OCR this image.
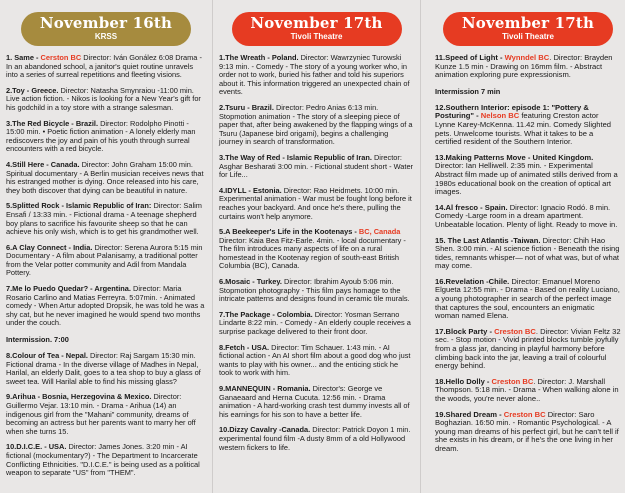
November 16th
KRSS

1. Same - Cerston BC Director: Iván Gonález 6:08 Drama - In an abandoned school, a janitor's quiet routine unravels into a series of surreal repetitions and fleeting visions.

2.Toy - Greece. Director: Natasha Smynraiou -11:00 min. Live action fiction. - Nikos is looking for a New Year's gift for his godchild in a toy store with a strange salesman.

3.The Red Bicycle - Brazil. Director: Rodolpho Pinotti - 15:00 min. • Poetic fiction animation - A lonely elderly man rediscovers the joy and pain of his youth through surreal encounters with a red bicycle.

4.Still Here - Canada. Director: John Graham 15:00 min. Spiritual documentary - A Berlin musician receives news that his estranged mother is dying. Once released into his care, they both discover that dying can be beautiful in nature.

5.Splitted Rock - Islamic Republic of Iran: Director: Salim Ensafi / 13:33 min. - Fictional drama - A teenage shepherd boy plans to sacrifice his favourite sheep so that he can achieve his only wish, which is to get his grandmother well.

6.A Clay Connect - India. Director: Serena Aurora 5:15 min Documentary - A film about Palanisamy, a traditional potter from the Velar potter community and Adil from Mandala Pottery.

7.Me lo Puedo Quedar? - Argentina. Director: Maria Rosario Carlino and Matias Ferreyra. 5:07min. - Animated comedy - When Artur adopted Dropsik, he was told he was a shy cat, but he never imagined he would spend two months under the couch.

Intermission. 7:00

8.Colour of Tea - Nepal. Director: Raj Sargam 15:30 min. Fictional drama - In the diverse village of Madhes in Nepal, Harilal, an elderly Dalit, goes to a tea shop to buy a glass of sweet tea. Will Harilal able to find his missing glass?

9.Arihua - Bosnia, Herzegovina & Mexico. Director: Guillermo Vejar. 13:10 min. - Drama - Arihua (14) an indigenous girl from the "Mahani" community, dreams of becoming an actress but her parents want to marry her off when she turns 15.

10.D.I.C.E. - USA. Director: James Jones. 3:20 min - AI fictional (mockumentary?) - The Department to Incarcerate Conflicting Ethnicities. "D.I.C.E." is being used as a political weapon to separate "US" from "THEM".

November 17th
Tivoli Theatre

1.The Wreath - Poland. Director: Wawrzyniec Turowski 9:13 min. - Comedy - The story of a young worker who, in order not to work, buried his father and told his superiors about it. This information triggered an unexpected chain of events.

2.Tsuru - Brazil. Director: Pedro Anias 6:13 min. Stopmotion animation - The story of a sleeping piece of paper that, after being awakened by the flapping wings of a Tsuru (Japanese bird origami), begins a challenging journey in search of transformation.

3.The Way of Red - Islamic Republic of Iran. Director: Asghar Besharati 3:00 min. - Fictional student short - Water for Life...

4.IDYLL - Estonia. Director: Rao Heidmets. 10:00 min. Experimental animation - War must be fought long before it reaches your backyard. And once he's there, pulling the curtains won't help anymore.

5.A Beekeeper's Life in the Kootenays - BC, Canada Director: Kaia Bea Fitz-Earle. 4min. - local documentary -The film introduces many aspects of life on a rural homestead in the Kootenay region of south-east British Columbia (BC), Canada.

6.Mosaic - Turkey. Director: Ibrahim Ayoub 5:06 min. Stopmotion photography - This film pays homage to the intricate patterns and designs found in ceramic tile murals.

7.The Package - Colombia. Director: Yosman Serrano Lindarte 8:22 min. - Comedy - An elderly couple receives a surprise package delivered to their front door.

8.Fetch - USA. Director: Tim Schauer. 1:43 min. - AI fictional action - An AI short film about a good dog who just wants to play with his owner... and the enticing stick he took to work with him.

9.MANNEQUIN - Romania. Director's: George ve Ganaeaard and Herna Cucuta. 12:56 min. - Drama animation - A hard-working crash test dummy invests all of his earnings for his son to have a better life.

10.Dizzy Cavalry -Canada. Director: Patrick Doyon 1 min. experimental found film -A dusty 8mm of a old Hollywood western fickers to life.

November 17th
Tivoli Theatre

11.Speed of Light - Wynndel BC. Director: Brayden Kunze 1.5 min - Drawing on 16mm film. - Abstract animation exploring pure expressionism.

Intermission 7 min

12.Southern Interior: episode 1: "Pottery & Posturing" - Nelson BC featuring Creston actor Lynne Karey-McKenna. 11.42 min. Comedy Slighted pets. Unwelcome tourists. What it takes to be a certified resident of the Southern Interior.

13.Making Patterns Move - United Kingdom. Director: Ian Helliwell. 2:35 min. - Experimental Abstract film made up of animated stills derived from a 1980s educational book on the creation of optical art images.

14.Al fresco - Spain. Director: Ignacio Rodó. 8 min. Comedy -Large room in a dream apartment. Unbeatable location. Plenty of light. Ready to move in.

15. The Last Atlantis -Taiwan. Director: Chih Hao Shen. 3:00 min. - AI science fiction - Beneath the rising tides, remnants whisper— not of what was, but of what may come.

16.Revelation -Chile. Director: Emanuel Moreno Elgueta 12:55 min. - Drama - Based on reality Luciano, a young photographer in search of the perfect image that captures the soul, encounters an enigmatic woman named Elena.

17.Block Party - Creston BC. Director: Vivian Feltz 32 sec. - Stop motion - Vivid printed blocks tumble joyfully from a glass jar, dancing in playful harmony before climbing back into the jar, leaving a trail of colourful energy behind.

18.Hello Dolly - Creston BC. Director: J. Marshall Thompson. 5:18 min. - Drama - When walking alone in the woods, you're never alone..

19.Shared Dream - Creston BC Director: Saro Boghazian. 16:50 min. - Romantic Psychological. - A young man dreams of his perfect girl, but he can't tell if she exists in his dream, or if he's the one living in her dream.
